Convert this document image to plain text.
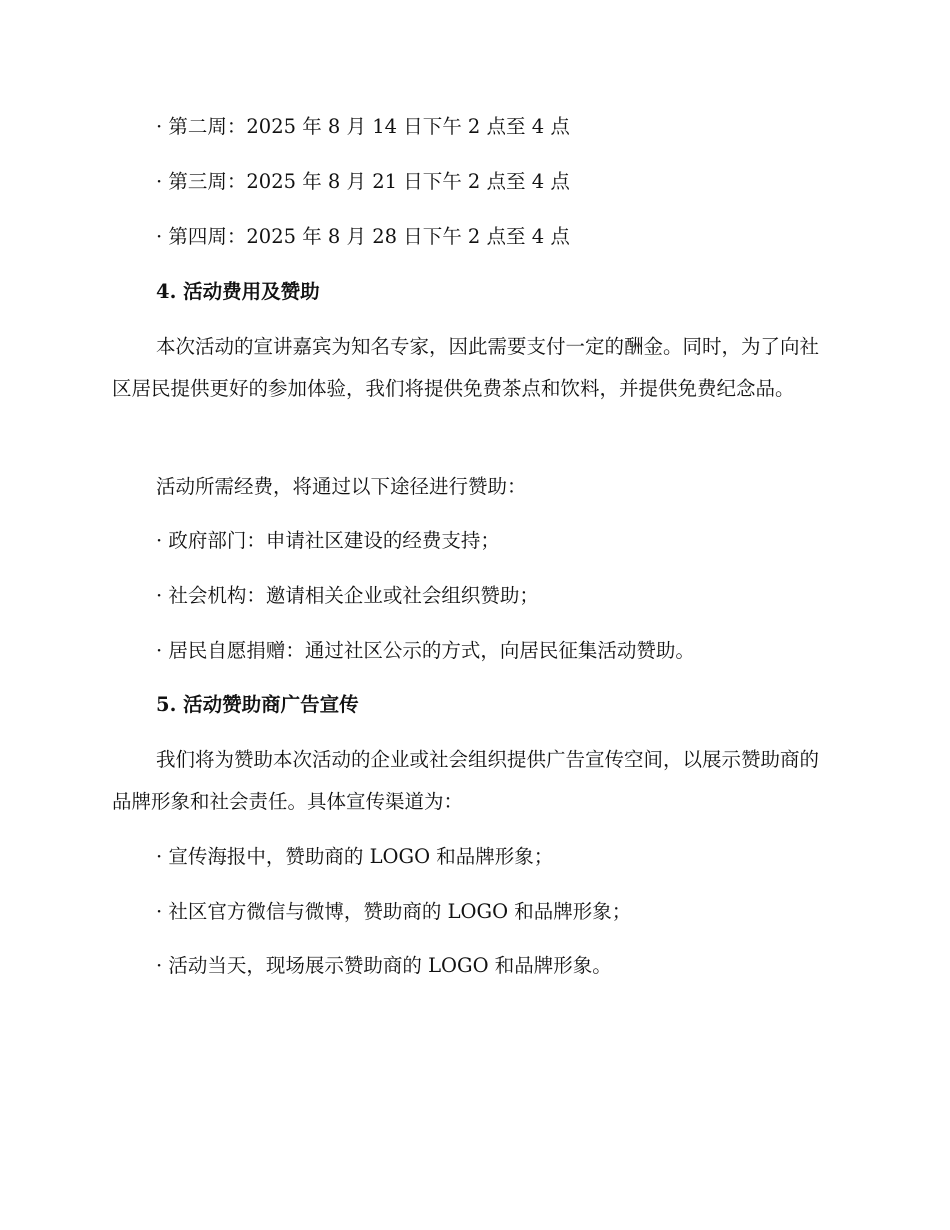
· 第二周：2025 年 8 月 14 日下午 2 点至 4 点

· 第三周：2025 年 8 月 21 日下午 2 点至 4 点

· 第四周：2025 年 8 月 28 日下午 2 点至 4 点

4. 活动费用及赞助

本次活动的宣讲嘉宾为知名专家，因此需要支付一定的酬金。同时，为了向社区居民提供更好的参加体验，我们将提供免费茶点和饮料，并提供免费纪念品。

活动所需经费，将通过以下途径进行赞助：

· 政府部门：申请社区建设的经费支持；

· 社会机构：邀请相关企业或社会组织赞助；

· 居民自愿捐赠：通过社区公示的方式，向居民征集活动赞助。

5. 活动赞助商广告宣传

我们将为赞助本次活动的企业或社会组织提供广告宣传空间，以展示赞助商的品牌形象和社会责任。具体宣传渠道为：

· 宣传海报中，赞助商的 LOGO 和品牌形象；

· 社区官方微信与微博，赞助商的 LOGO 和品牌形象；

· 活动当天，现场展示赞助商的 LOGO 和品牌形象。
